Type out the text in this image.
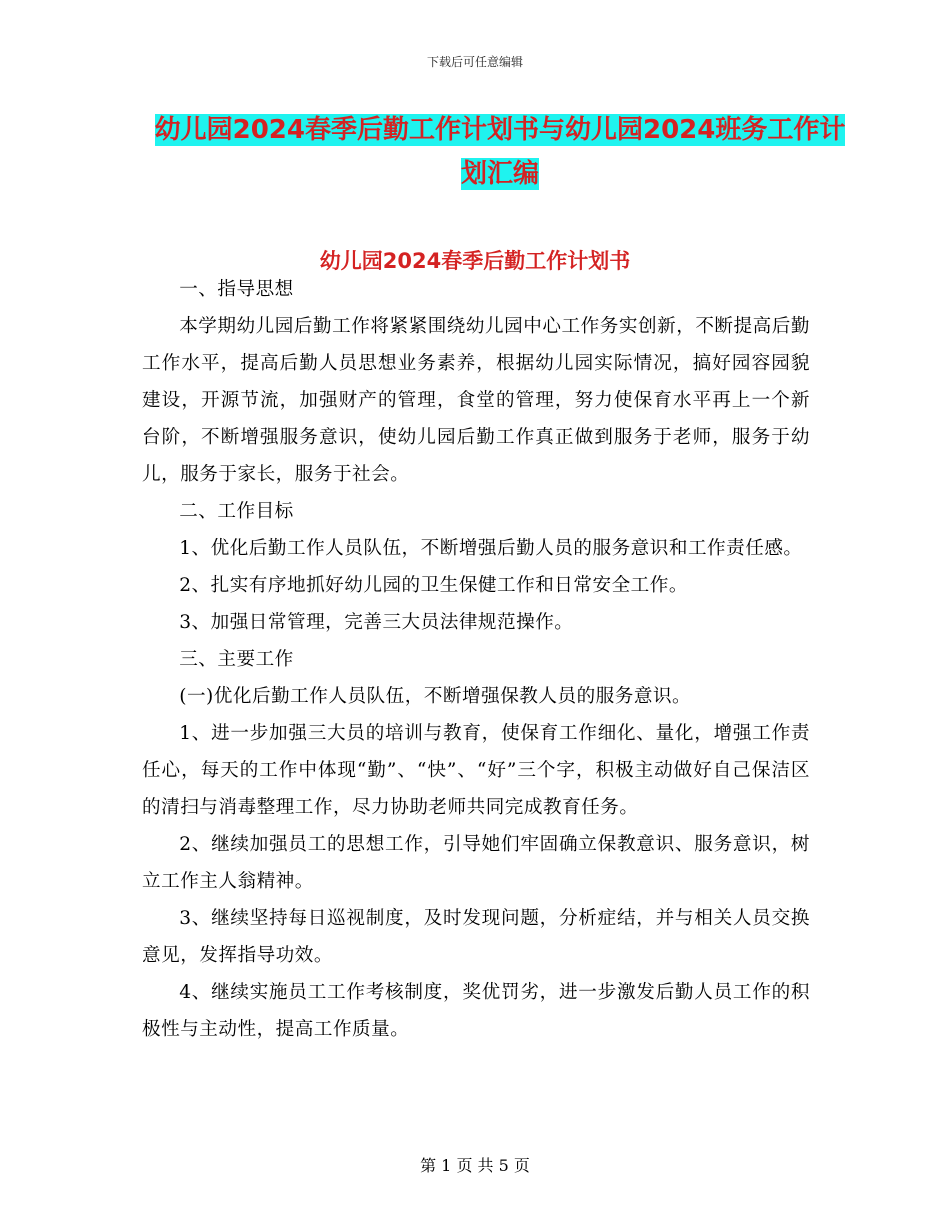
下载后可任意编辑
幼儿园2024春季后勤工作计划书与幼儿园2024班务工作计划汇编
幼儿园2024春季后勤工作计划书

一、指导思想

本学期幼儿园后勤工作将紧紧围绕幼儿园中心工作务实创新，不断提高后勤工作水平，提高后勤人员思想业务素养，根据幼儿园实际情况，搞好园容园貌建设，开源节流，加强财产的管理，食堂的管理，努力使保育水平再上一个新台阶，不断增强服务意识，使幼儿园后勤工作真正做到服务于老师，服务于幼儿，服务于家长，服务于社会。

二、工作目标

1、优化后勤工作人员队伍，不断增强后勤人员的服务意识和工作责任感。

2、扎实有序地抓好幼儿园的卫生保健工作和日常安全工作。

3、加强日常管理，完善三大员法律规范操作。

三、主要工作

(一)优化后勤工作人员队伍，不断增强保教人员的服务意识。

1、进一步加强三大员的培训与教育，使保育工作细化、量化，增强工作责任心，每天的工作中体现“勤”、“快”、“好”三个字，积极主动做好自己保洁区的清扫与消毒整理工作，尽力协助老师共同完成教育任务。

2、继续加强员工的思想工作，引导她们牢固确立保教意识、服务意识，树立工作主人翁精神。

3、继续坚持每日巡视制度，及时发现问题，分析症结，并与相关人员交换意见，发挥指导功效。

4、继续实施员工工作考核制度，奖优罚劣，进一步激发后勤人员工作的积极性与主动性，提高工作质量。

第 1 页 共 5 页
